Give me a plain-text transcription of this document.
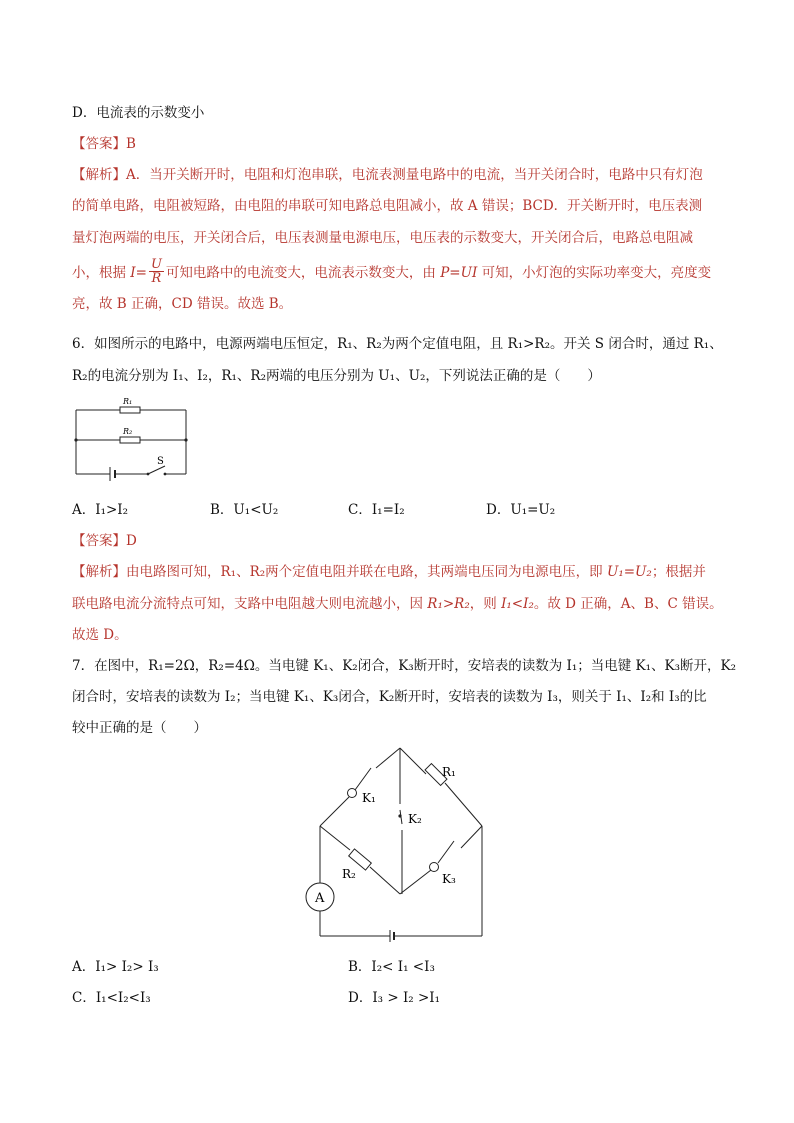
D．电流表的示数变小
【答案】B
【解析】A．当开关断开时，电阻和灯泡串联，电流表测量电路中的电流，当开关闭合时，电路中只有灯泡
的简单电路，电阻被短路，由电阻的串联可知电路总电阻减小，故 A 错误；BCD．开关断开时，电压表测
量灯泡两端的电压，开关闭合后，电压表测量电源电压，电压表的示数变大，开关闭合后，电路总电阻减
小，根据 $I= \frac{U}{R}$ 可知电路中的电流变大，电流表示数变大，由 P=UI 可知，小灯泡的实际功率变大，亮度变
亮，故 B 正确，CD 错误。故选 B。
6．如图所示的电路中，电源两端电压恒定，R₁、R₂为两个定值电阻，且 R₁>R₂。开关 S 闭合时，通过 R₁、
R₂的电流分别为 I₁、I₂，R₁、R₂两端的电压分别为 U₁、U₂，下列说法正确的是（　　）
R₁
R₂
S
A．I₁>I₂	B．U₁<U₂	C．I₁=I₂	D．U₁=U₂
【答案】D
【解析】由电路图可知，R₁、R₂两个定值电阻并联在电路，其两端电压同为电源电压，即 U₁=U₂；根据并
联电路电流分流特点可知，支路中电阻越大则电流越小，因 R₁>R₂，则 I₁<I₂。故 D 正确，A、B、C 错误。
故选 D。
7．在图中，R₁=2Ω，R₂=4Ω。当电键 K₁、K₂闭合，K₃断开时，安培表的读数为 I₁；当电键 K₁、K₃断开，K₂
闭合时，安培表的读数为 I₂；当电键 K₁、K₃闭合，K₂断开时，安培表的读数为 I₃，则关于 I₁、I₂和 I₃的比
较中正确的是（　　）
R₁
K₁
K₂
R₂	K₃
A
A．I₁> I₂> I₃	B．I₂< I₁ <I₃
C．I₁<I₂<I₃	D．I₃ > I₂ >I₁
